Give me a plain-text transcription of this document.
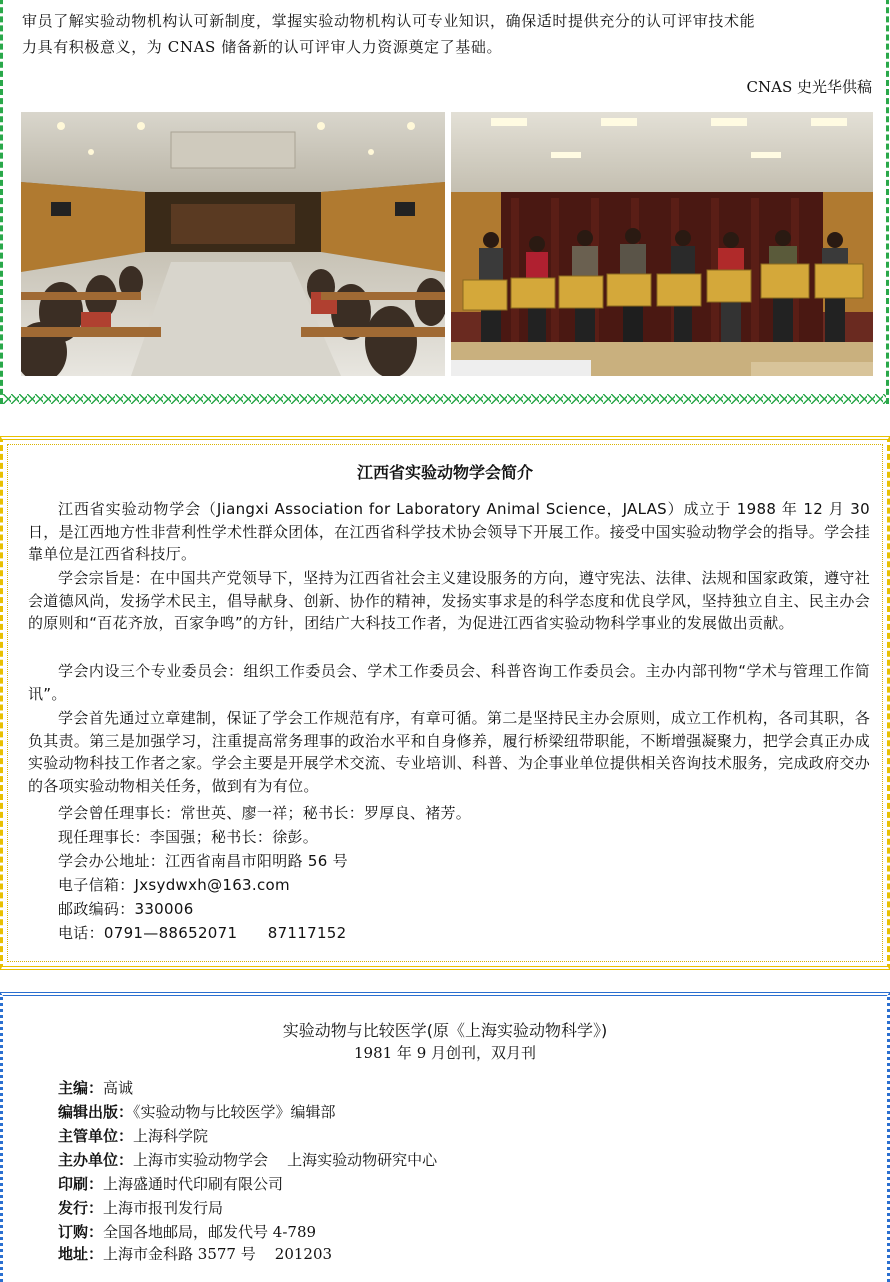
审员了解实验动物机构认可新制度，掌握实验动物机构认可专业知识，确保适时提供充分的认可评审技术能
力具有积极意义，为 CNAS 储备新的认可评审人力资源奠定了基础。
CNAS 史光华供稿
江西省实验动物学会简介
江西省实验动物学会（Jiangxi Association for Laboratory Animal Science，JALAS）成立于 1988 年 12 月 30 日，是江西地方性非营利性学术性群众团体，在江西省科学技术协会领导下开展工作。接受中国实验动物学会的指导。学会挂靠单位是江西省科技厅。
学会宗旨是：在中国共产党领导下，坚持为江西省社会主义建设服务的方向，遵守宪法、法律、法规和国家政策，遵守社会道德风尚，发扬学术民主，倡导献身、创新、协作的精神，发扬实事求是的科学态度和优良学风，坚持独立自主、民主办会的原则和“百花齐放，百家争鸣”的方针，团结广大科技工作者，为促进江西省实验动物科学事业的发展做出贡献。
学会内设三个专业委员会：组织工作委员会、学术工作委员会、科普咨询工作委员会。主办内部刊物“学术与管理工作简讯”。
学会首先通过立章建制，保证了学会工作规范有序，有章可循。第二是坚持民主办会原则，成立工作机构，各司其职，各负其责。第三是加强学习，注重提高常务理事的政治水平和自身修养，履行桥梁纽带职能，不断增强凝聚力，把学会真正办成实验动物科技工作者之家。学会主要是开展学术交流、专业培训、科普、为企事业单位提供相关咨询技术服务，完成政府交办的各项实验动物相关任务，做到有为有位。
学会曾任理事长：常世英、廖一祥；秘书长：罗厚良、褚芳。
现任理事长：李国强；秘书长：徐彭。
学会办公地址：江西省南昌市阳明路 56 号
电子信箱：Jxsydwxh@163.com
邮政编码：330006
电话：0791—88652071      87117152
实验动物与比较医学(原《上海实验动物科学》)
1981 年 9 月创刊，双月刊
主编：高诚
编辑出版：《实验动物与比较医学》编辑部
主管单位：上海科学院
主办单位：上海市实验动物学会    上海实验动物研究中心
印刷：上海盛通时代印刷有限公司
发行：上海市报刊发行局
订购：全国各地邮局，邮发代号 4-789
地址：上海市金科路 3577 号    201203
